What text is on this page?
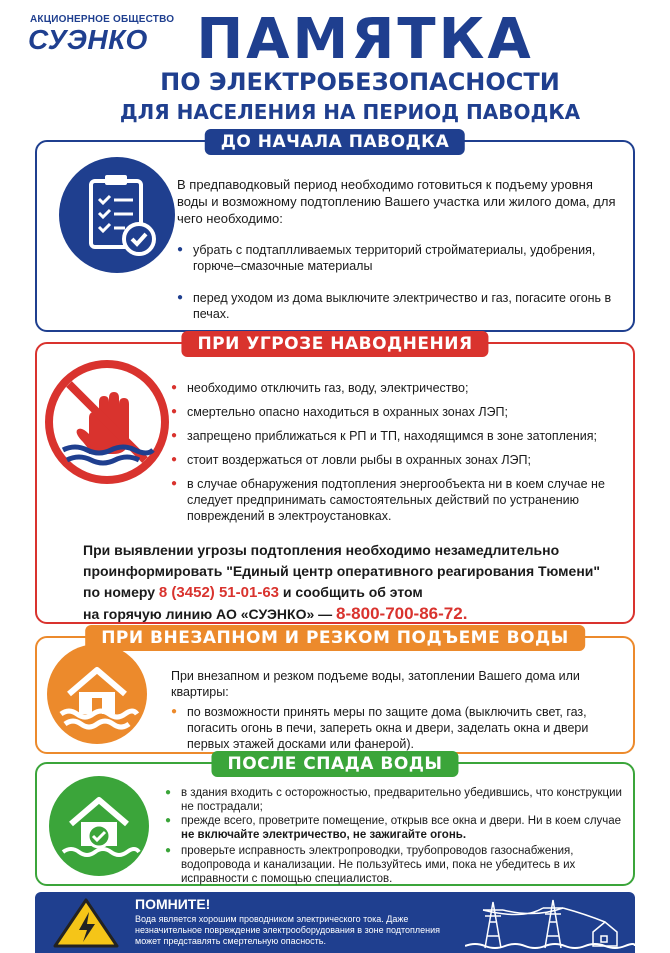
АКЦИОНЕРНОЕ ОБЩЕСТВО
СУЭНКО ПАМЯТКА
ПО ЭЛЕКТРОБЕЗОПАСНОСТИ
ДЛЯ НАСЕЛЕНИЯ НА ПЕРИОД ПАВОДКА
ДО НАЧАЛА ПАВОДКА
В предпаводковый период необходимо готовиться к подъему уровня воды и возможному подтоплению Вашего участка или жилого дома, для чего необходимо:
● убрать с подтаплливаемых территорий стройматериалы, удобрения, горюче–смазочные материалы
● перед уходом из дома выключите электричество и газ, погасите огонь в печах.
ПРИ УГРОЗЕ НАВОДНЕНИЯ
● необходимо отключить газ, воду, электричество;
● смертельно опасно находиться в охранных зонах ЛЭП;
● запрещено приближаться к РП и ТП, находящимся в зоне затопления;
● стоит воздержаться от ловли рыбы в охранных зонах ЛЭП;
● в случае обнаружения подтопления энергообъекта ни в коем случае не следует предпринимать самостоятельных действий по устранению повреждений в электроустановках.
При выявлении угрозы подтопления необходимо незамедлительно
проинформировать "Единый центр оперативного реагирования Тюмени"
по номеру 8 (3452) 51-01-63 и сообщить об этом
на горячую линию АО «СУЭНКО» — 8-800-700-86-72.
ПРИ ВНЕЗАПНОМ И РЕЗКОМ ПОДЪЕМЕ ВОДЫ
При внезапном и резком подъеме воды, затоплении Вашего дома или квартиры:
● по возможности принять меры по защите дома (выключить свет, газ, погасить огонь в печи, запереть окна и двери, заделать окна и двери первых этажей досками или фанерой).
ПОСЛЕ СПАДА ВОДЫ
● в здания входить с осторожностью, предварительно убедившись, что конструкции не пострадали;
● прежде всего, проветрите помещение, открыв все окна и двери. Ни в коем случае не включайте электричество, не зажигайте огонь.
● проверьте исправность электропроводки, трубопроводов газоснабжения, водопровода и канализации. Не пользуйтесь ими, пока не убедитесь в их исправности с помощью специалистов.
ПОМНИТЕ!
Вода является хорошим проводником электрического тока. Даже незначительное повреждение электрооборудования в зоне подтопления может представлять смертельную опасность.
